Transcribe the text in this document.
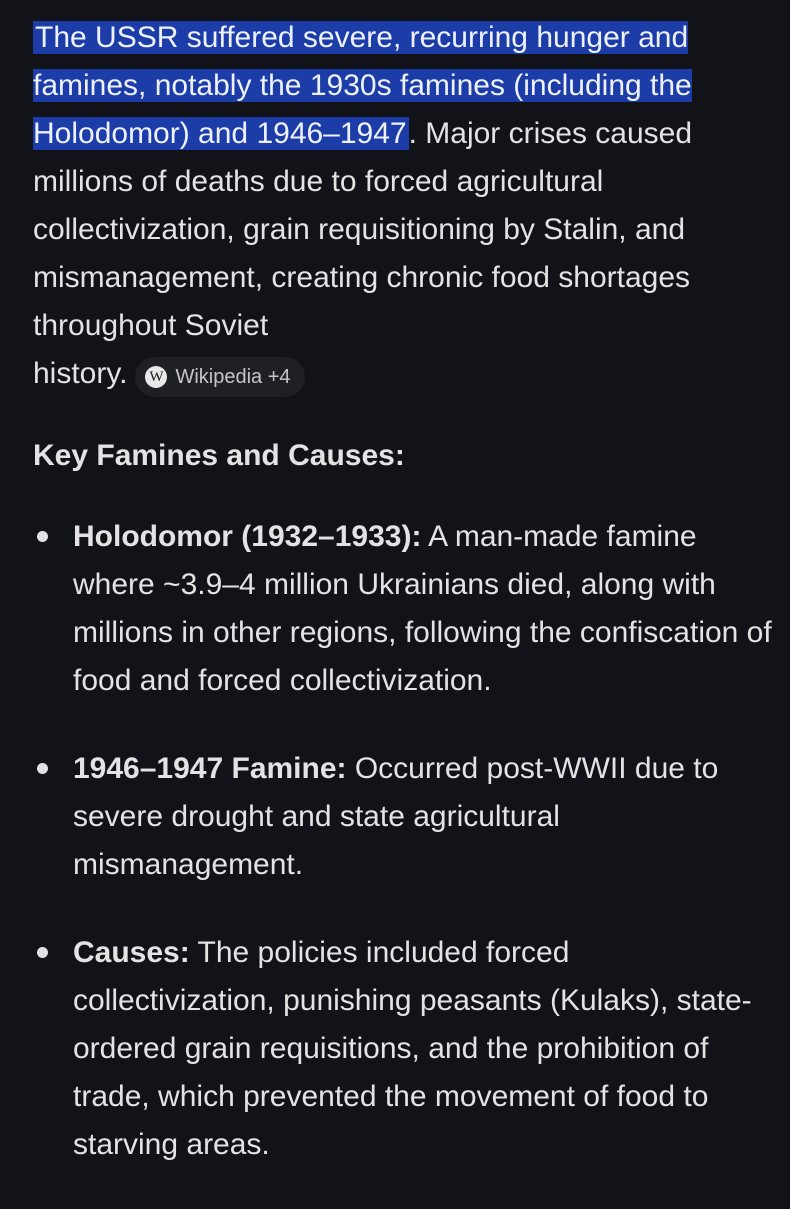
The USSR suffered severe, recurring hunger and famines, notably the 1930s famines (including the Holodomor) and 1946–1947. Major crises caused millions of deaths due to forced agricultural collectivization, grain requisitioning by Stalin, and mismanagement, creating chronic food shortages throughout Soviet
history. W Wikipedia +4

Key Famines and Causes:
Holodomor (1932–1933): A man-made famine where ~3.9–4 million Ukrainians died, along with millions in other regions, following the confiscation of food and forced collectivization.
1946–1947 Famine: Occurred post-WWII due to severe drought and state agricultural mismanagement.
Causes: The policies included forced collectivization, punishing peasants (Kulaks), state-ordered grain requisitions, and the prohibition of trade, which prevented the movement of food to starving areas.
